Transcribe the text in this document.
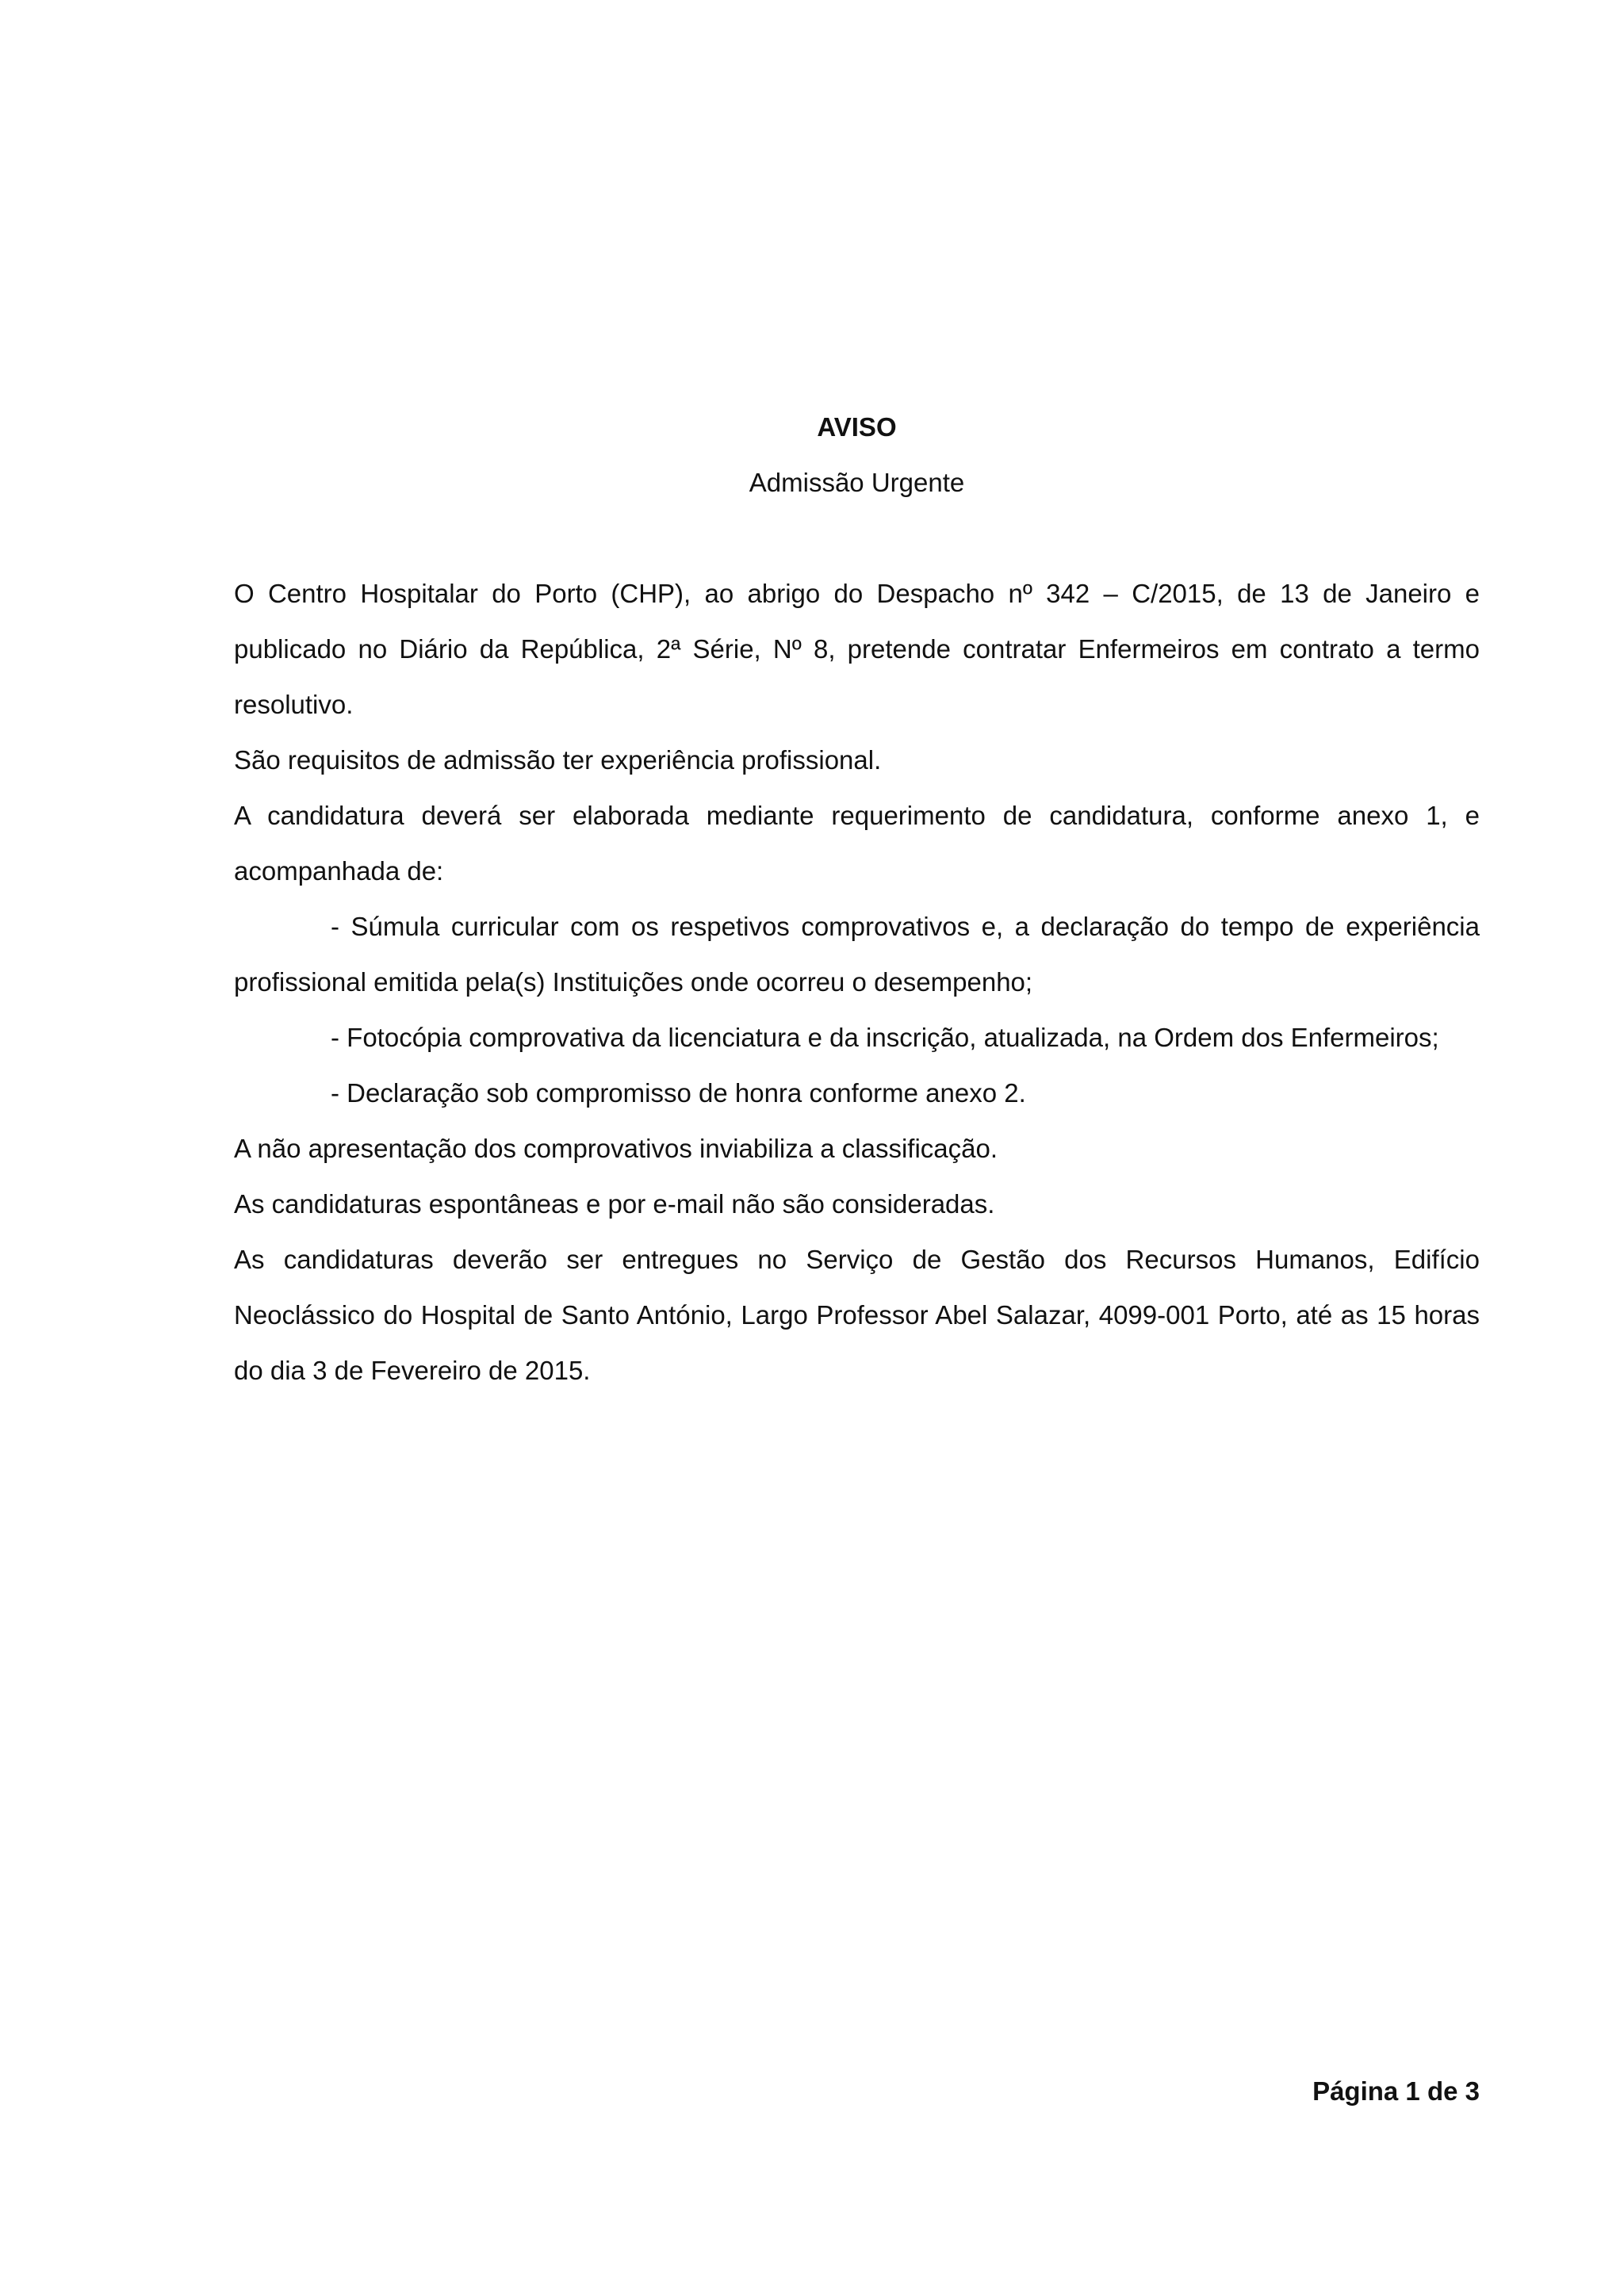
AVISO

Admissão Urgente

O Centro Hospitalar do Porto (CHP), ao abrigo do Despacho nº 342 – C/2015, de 13 de Janeiro e publicado no Diário da República, 2ª Série, Nº 8, pretende contratar Enfermeiros em contrato a termo resolutivo.

São requisitos de admissão ter experiência profissional.

A candidatura deverá ser elaborada mediante requerimento de candidatura, conforme anexo 1, e acompanhada de:

- Súmula curricular com os respetivos comprovativos e, a declaração do tempo de experiência profissional emitida pela(s) Instituições onde ocorreu o desempenho;

- Fotocópia comprovativa da licenciatura e da inscrição, atualizada, na Ordem dos Enfermeiros;

- Declaração sob compromisso de honra conforme anexo 2.

A não apresentação dos comprovativos inviabiliza a classificação.

As candidaturas espontâneas e por e-mail não são consideradas.

As candidaturas deverão ser entregues no Serviço de Gestão dos Recursos Humanos, Edifício Neoclássico do Hospital de Santo António, Largo Professor Abel Salazar, 4099-001 Porto, até as 15 horas do dia 3 de Fevereiro de 2015.

Página 1 de 3
